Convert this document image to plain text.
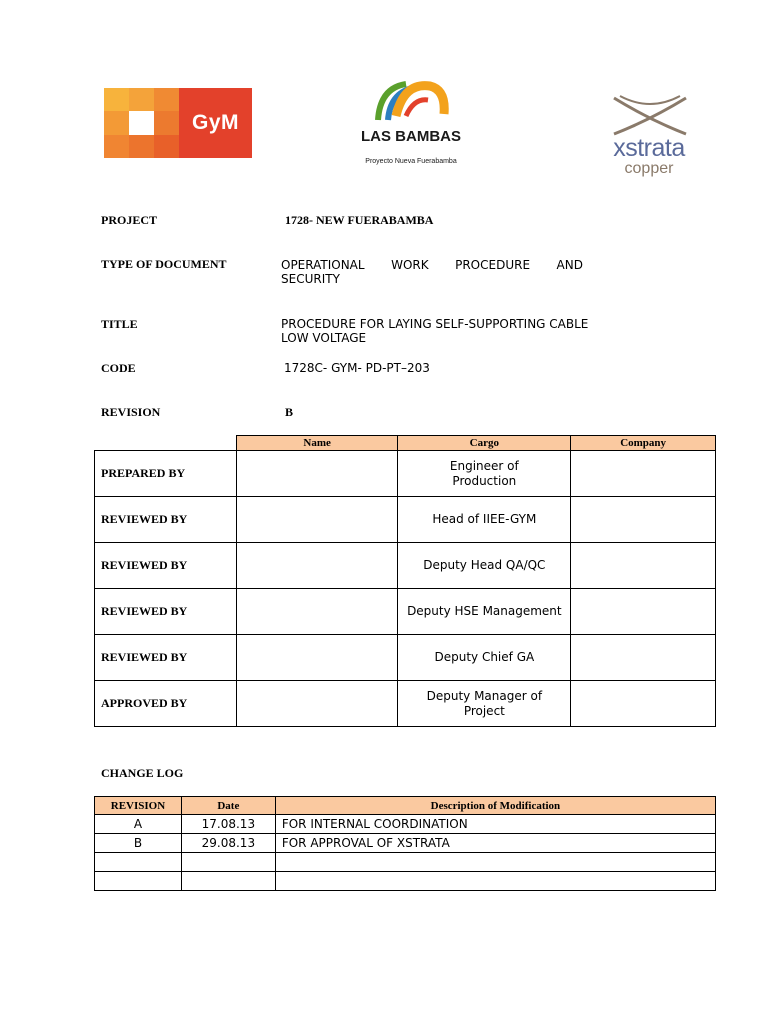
GyM
LAS BAMBAS
Proyecto Nueva Fuerabamba	xstrata
copper
PROJECT	1728- NEW FUERABAMBA
TYPE OF DOCUMENT	OPERATIONAL WORK PROCEDURE AND
SECURITY
TITLE	PROCEDURE FOR LAYING SELF-SUPPORTING CABLE
LOW VOLTAGE
CODE	1728C- GYM- PD-PT–203
REVISION	B
	Name	Cargo	Company
PREPARED BY		Engineer of
Production	

REVIEWED BY		Head of IIEE-GYM	

REVIEWED BY		Deputy Head QA/QC	

REVIEWED BY		Deputy HSE Management	

REVIEWED BY		Deputy Chief GA	

APPROVED BY		Deputy Manager of
Project	

CHANGE LOG
REVISION	Date	Description of Modification
A	17.08.13	FOR INTERNAL COORDINATION
B	29.08.13	FOR APPROVAL OF XSTRATA
